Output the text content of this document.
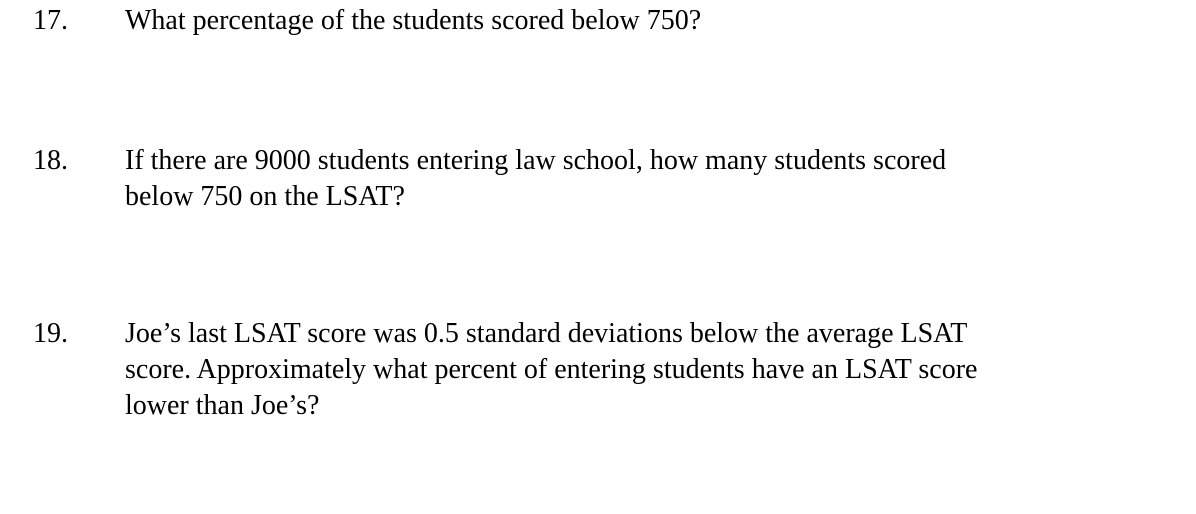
17. What percentage of the students scored below 750?
18. If there are 9000 students entering law school, how many students scored
below 750 on the LSAT?
19. Joe’s last LSAT score was 0.5 standard deviations below the average LSAT
score. Approximately what percent of entering students have an LSAT score
lower than Joe’s?
